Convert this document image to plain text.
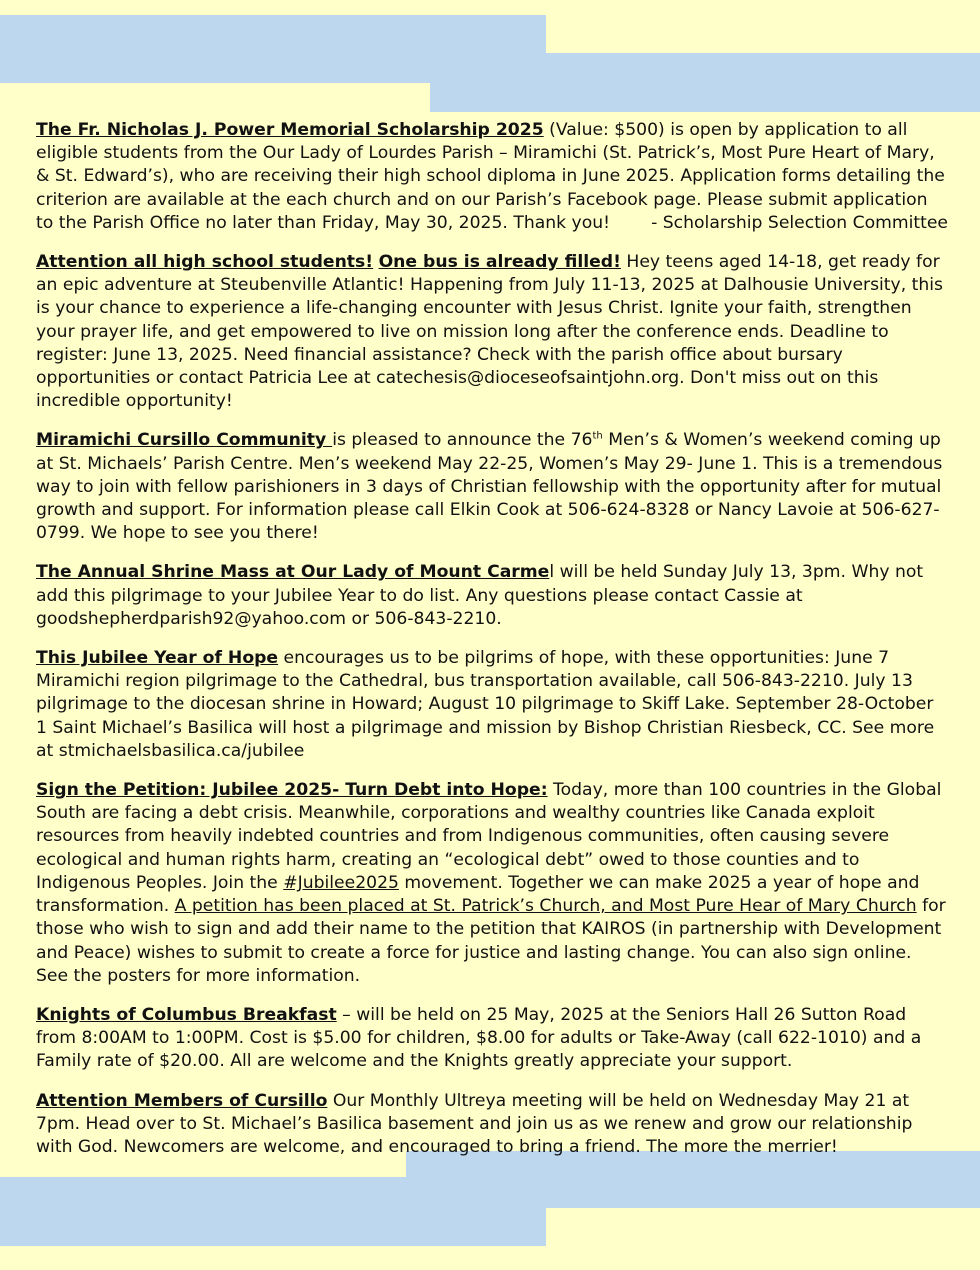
The Fr. Nicholas J. Power Memorial Scholarship 2025 (Value: $500) is open by application to all eligible students from the Our Lady of Lourdes Parish – Miramichi (St. Patrick’s, Most Pure Heart of Mary, & St. Edward’s), who are receiving their high school diploma in June 2025. Application forms detailing the criterion are available at the each church and on our Parish’s Facebook page. Please submit application to the Parish Office no later than Friday, May 30, 2025. Thank you! - Scholarship Selection Committee

Attention all high school students! One bus is already filled! Hey teens aged 14-18, get ready for an epic adventure at Steubenville Atlantic! Happening from July 11-13, 2025 at Dalhousie University, this is your chance to experience a life-changing encounter with Jesus Christ. Ignite your faith, strengthen your prayer life, and get empowered to live on mission long after the conference ends. Deadline to register: June 13, 2025. Need financial assistance? Check with the parish office about bursary opportunities or contact Patricia Lee at catechesis@dioceseofsaintjohn.org. Don't miss out on this incredible opportunity!

Miramichi Cursillo Community is pleased to announce the 76th Men’s & Women’s weekend coming up at St. Michaels’ Parish Centre. Men’s weekend May 22-25, Women’s May 29- June 1. This is a tremendous way to join with fellow parishioners in 3 days of Christian fellowship with the opportunity after for mutual growth and support. For information please call Elkin Cook at 506-624-8328 or Nancy Lavoie at 506-627-0799. We hope to see you there!

The Annual Shrine Mass at Our Lady of Mount Carmel will be held Sunday July 13, 3pm. Why not add this pilgrimage to your Jubilee Year to do list. Any questions please contact Cassie at goodshepherdparish92@yahoo.com or 506-843-2210.

This Jubilee Year of Hope encourages us to be pilgrims of hope, with these opportunities: June 7 Miramichi region pilgrimage to the Cathedral, bus transportation available, call 506-843-2210. July 13 pilgrimage to the diocesan shrine in Howard; August 10 pilgrimage to Skiff Lake. September 28-October 1 Saint Michael’s Basilica will host a pilgrimage and mission by Bishop Christian Riesbeck, CC. See more at stmichaelsbasilica.ca/jubilee

Sign the Petition: Jubilee 2025- Turn Debt into Hope: Today, more than 100 countries in the Global South are facing a debt crisis. Meanwhile, corporations and wealthy countries like Canada exploit resources from heavily indebted countries and from Indigenous communities, often causing severe ecological and human rights harm, creating an “ecological debt” owed to those counties and to Indigenous Peoples. Join the #Jubilee2025 movement. Together we can make 2025 a year of hope and transformation. A petition has been placed at St. Patrick’s Church, and Most Pure Hear of Mary Church for those who wish to sign and add their name to the petition that KAIROS (in partnership with Development and Peace) wishes to submit to create a force for justice and lasting change. You can also sign online. See the posters for more information.

Knights of Columbus Breakfast – will be held on 25 May, 2025 at the Seniors Hall 26 Sutton Road from 8:00AM to 1:00PM. Cost is $5.00 for children, $8.00 for adults or Take-Away (call 622-1010) and a Family rate of $20.00. All are welcome and the Knights greatly appreciate your support.

Attention Members of Cursillo Our Monthly Ultreya meeting will be held on Wednesday May 21 at 7pm. Head over to St. Michael’s Basilica basement and join us as we renew and grow our relationship with God. Newcomers are welcome, and encouraged to bring a friend. The more the merrier!
